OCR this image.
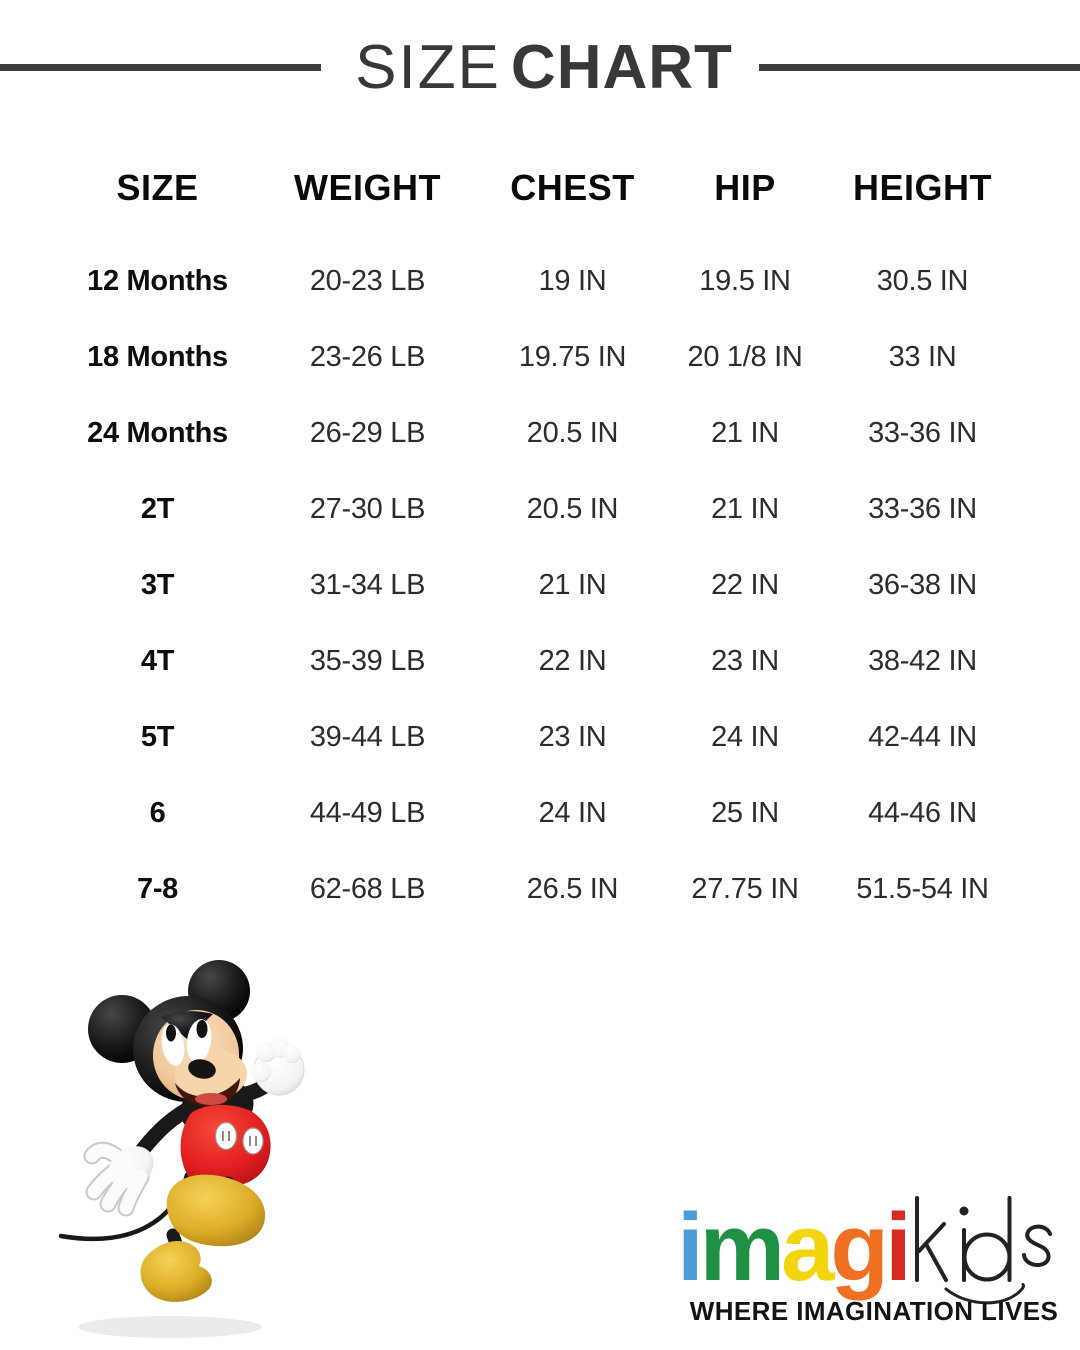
SIZE CHART
SIZE	WEIGHT	CHEST	HIP	HEIGHT
12 Months	20-23 LB	19 IN	19.5 IN	30.5 IN
18 Months	23-26 LB	19.75 IN	20 1/8 IN	33 IN
24 Months	26-29 LB	20.5 IN	21 IN	33-36 IN
2T	27-30 LB	20.5 IN	21 IN	33-36 IN
3T	31-34 LB	21 IN	22 IN	36-38 IN
4T	35-39 LB	22 IN	23 IN	38-42 IN
5T	39-44 LB	23 IN	24 IN	42-44 IN
6	44-49 LB	24 IN	25 IN	44-46 IN
7-8	62-68 LB	26.5 IN	27.75 IN	51.5-54 IN
imagi
WHERE IMAGINATION LIVES
